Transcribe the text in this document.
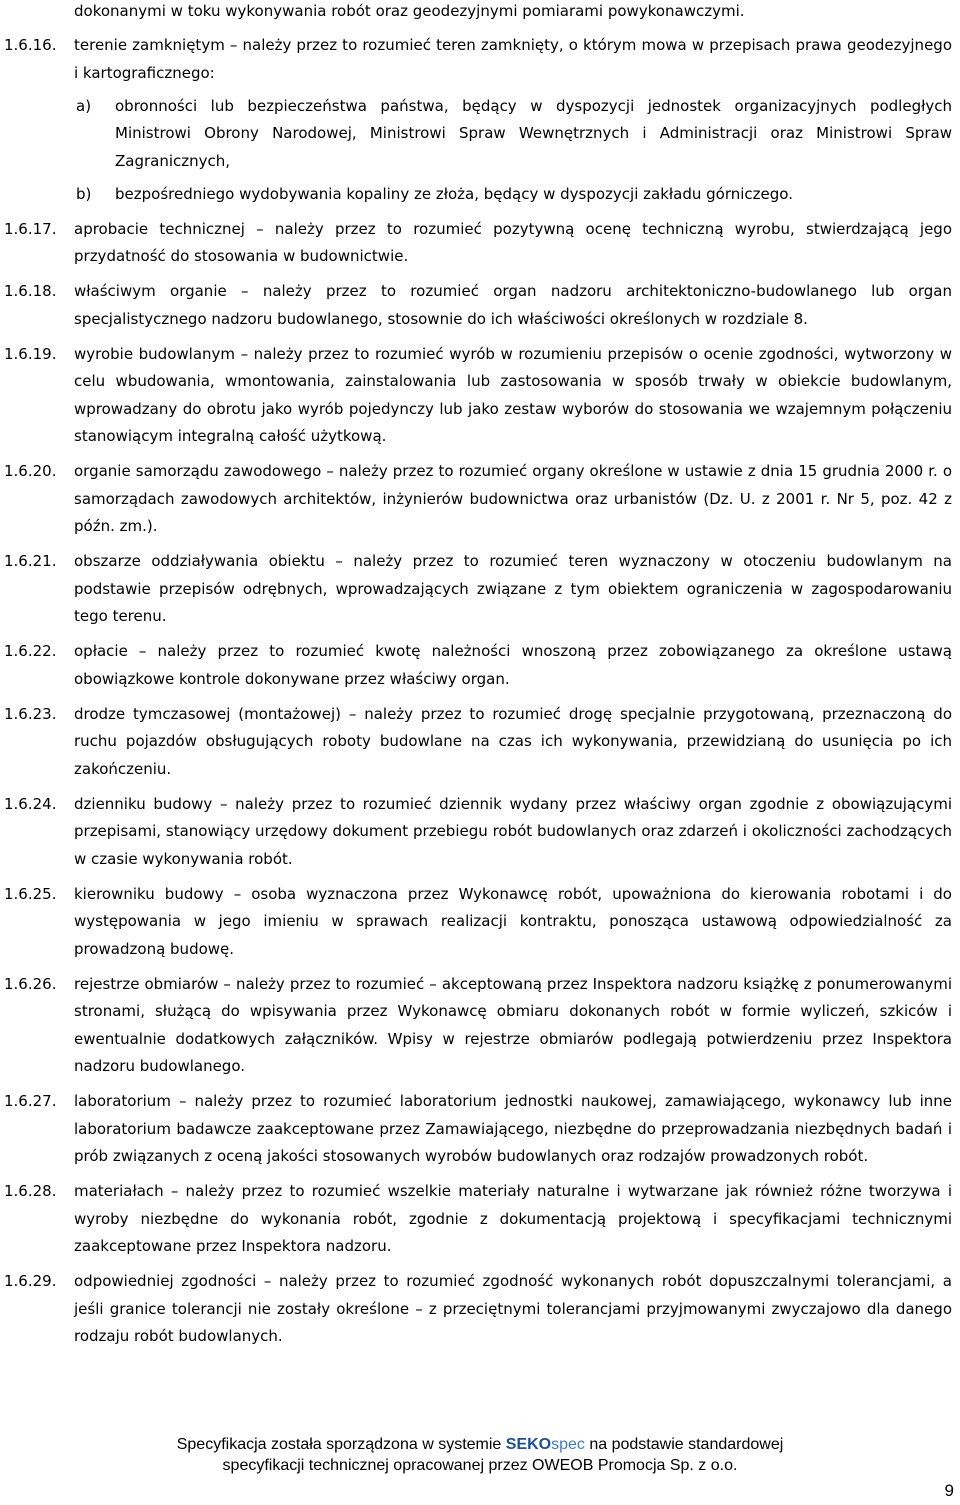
dokonanymi w toku wykonywania robót oraz geodezyjnymi pomiarami powykonawczymi.
1.6.16.	terenie zamkniętym – należy przez to rozumieć teren zamknięty, o którym mowa w przepisach prawa geodezyjnego i kartograficznego:
a) obronności lub bezpieczeństwa państwa, będący w dyspozycji jednostek organizacyjnych podległych Ministrowi Obrony Narodowej, Ministrowi Spraw Wewnętrznych i Administracji oraz Ministrowi Spraw Zagranicznych,
b) bezpośredniego wydobywania kopaliny ze złoża, będący w dyspozycji zakładu górniczego.
1.6.17.	aprobacie technicznej – należy przez to rozumieć pozytywną ocenę techniczną wyrobu, stwierdzającą jego przydatność do stosowania w budownictwie.
1.6.18.	właściwym organie – należy przez to rozumieć organ nadzoru architektoniczno-budowlanego lub organ specjalistycznego nadzoru budowlanego, stosownie do ich właściwości określonych w rozdziale 8.
1.6.19.	wyrobie budowlanym – należy przez to rozumieć wyrób w rozumieniu przepisów o ocenie zgodności, wytworzony w celu wbudowania, wmontowania, zainstalowania lub zastosowania w sposób trwały w obiekcie budowlanym, wprowadzany do obrotu jako wyrób pojedynczy lub jako zestaw wyborów do stosowania we wzajemnym połączeniu stanowiącym integralną całość użytkową.
1.6.20.	organie samorządu zawodowego – należy przez to rozumieć organy określone w ustawie z dnia 15 grudnia 2000 r. o samorządach zawodowych architektów, inżynierów budownictwa oraz urbanistów (Dz. U. z 2001 r. Nr 5, poz. 42 z późn. zm.).
1.6.21.	obszarze oddziaływania obiektu – należy przez to rozumieć teren wyznaczony w otoczeniu budowlanym na podstawie przepisów odrębnych, wprowadzających związane z tym obiektem ograniczenia w zagospodarowaniu tego terenu.
1.6.22.	opłacie – należy przez to rozumieć kwotę należności wnoszoną przez zobowiązanego za określone ustawą obowiązkowe kontrole dokonywane przez właściwy organ.
1.6.23.	drodze tymczasowej (montażowej) – należy przez to rozumieć drogę specjalnie przygotowaną, przeznaczoną do ruchu pojazdów obsługujących roboty budowlane na czas ich wykonywania, przewidzianą do usunięcia po ich zakończeniu.
1.6.24.	dzienniku budowy – należy przez to rozumieć dziennik wydany przez właściwy organ zgodnie z obowiązującymi przepisami, stanowiący urzędowy dokument przebiegu robót budowlanych oraz zdarzeń i okoliczności zachodzących w czasie wykonywania robót.
1.6.25.	kierowniku budowy – osoba wyznaczona przez Wykonawcę robót, upoważniona do kierowania robotami i do występowania w jego imieniu w sprawach realizacji kontraktu, ponosząca ustawową odpowiedzialność za prowadzoną budowę.
1.6.26.	rejestrze obmiarów – należy przez to rozumieć – akceptowaną przez Inspektora nadzoru książkę z ponumerowanymi stronami, służącą do wpisywania przez Wykonawcę obmiaru dokonanych robót w formie wyliczeń, szkiców i ewentualnie dodatkowych załączników. Wpisy w rejestrze obmiarów podlegają potwierdzeniu przez Inspektora nadzoru budowlanego.
1.6.27.	laboratorium – należy przez to rozumieć laboratorium jednostki naukowej, zamawiającego, wykonawcy lub inne laboratorium badawcze zaakceptowane przez Zamawiającego, niezbędne do przeprowadzania niezbędnych badań i prób związanych z oceną jakości stosowanych wyrobów budowlanych oraz rodzajów prowadzonych robót.
1.6.28.	materiałach – należy przez to rozumieć wszelkie materiały naturalne i wytwarzane jak również różne tworzywa i wyroby niezbędne do wykonania robót, zgodnie z dokumentacją projektową i specyfikacjami technicznymi zaakceptowane przez Inspektora nadzoru.
1.6.29.	odpowiedniej zgodności – należy przez to rozumieć zgodność wykonanych robót dopuszczalnymi tolerancjami, a jeśli granice tolerancji nie zostały określone – z przeciętnymi tolerancjami przyjmowanymi zwyczajowo dla danego rodzaju robót budowlanych.
Specyfikacja została sporządzona w systemie SEKOspec na podstawie standardowej
specyfikacji technicznej opracowanej przez OWEOB Promocja Sp. z o.o.
9
